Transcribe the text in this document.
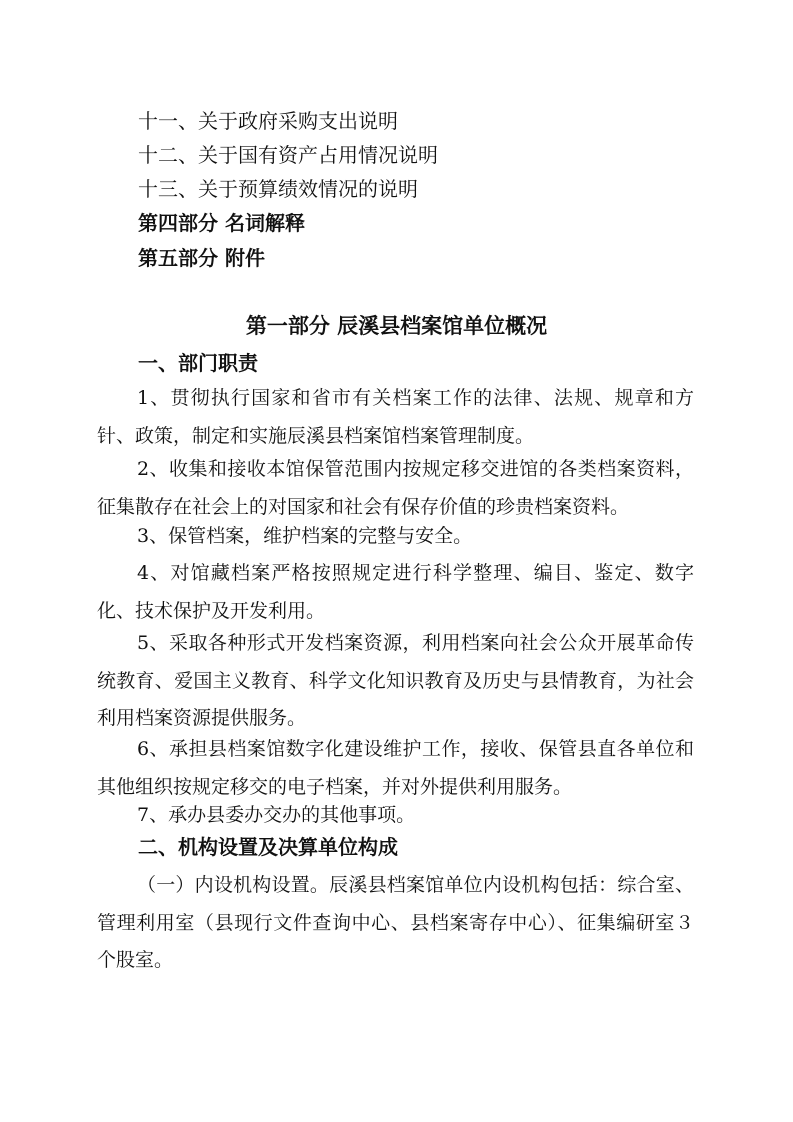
十一、关于政府采购支出说明
十二、关于国有资产占用情况说明
十三、关于预算绩效情况的说明
第四部分 名词解释
第五部分 附件
第一部分 辰溪县档案馆单位概况
一、部门职责
1、贯彻执行国家和省市有关档案工作的法律、法规、规章和方针、政策，制定和实施辰溪县档案馆档案管理制度。
2、收集和接收本馆保管范围内按规定移交进馆的各类档案资料，征集散存在社会上的对国家和社会有保存价值的珍贵档案资料。
3、保管档案，维护档案的完整与安全。
4、对馆藏档案严格按照规定进行科学整理、编目、鉴定、数字化、技术保护及开发利用。
5、采取各种形式开发档案资源，利用档案向社会公众开展革命传统教育、爱国主义教育、科学文化知识教育及历史与县情教育，为社会利用档案资源提供服务。
6、承担县档案馆数字化建设维护工作，接收、保管县直各单位和其他组织按规定移交的电子档案，并对外提供利用服务。
7、承办县委办交办的其他事项。
二、机构设置及决算单位构成
（一）内设机构设置。辰溪县档案馆单位内设机构包括：综合室、管理利用室（县现行文件查询中心、县档案寄存中心）、征集编研室３个股室。
